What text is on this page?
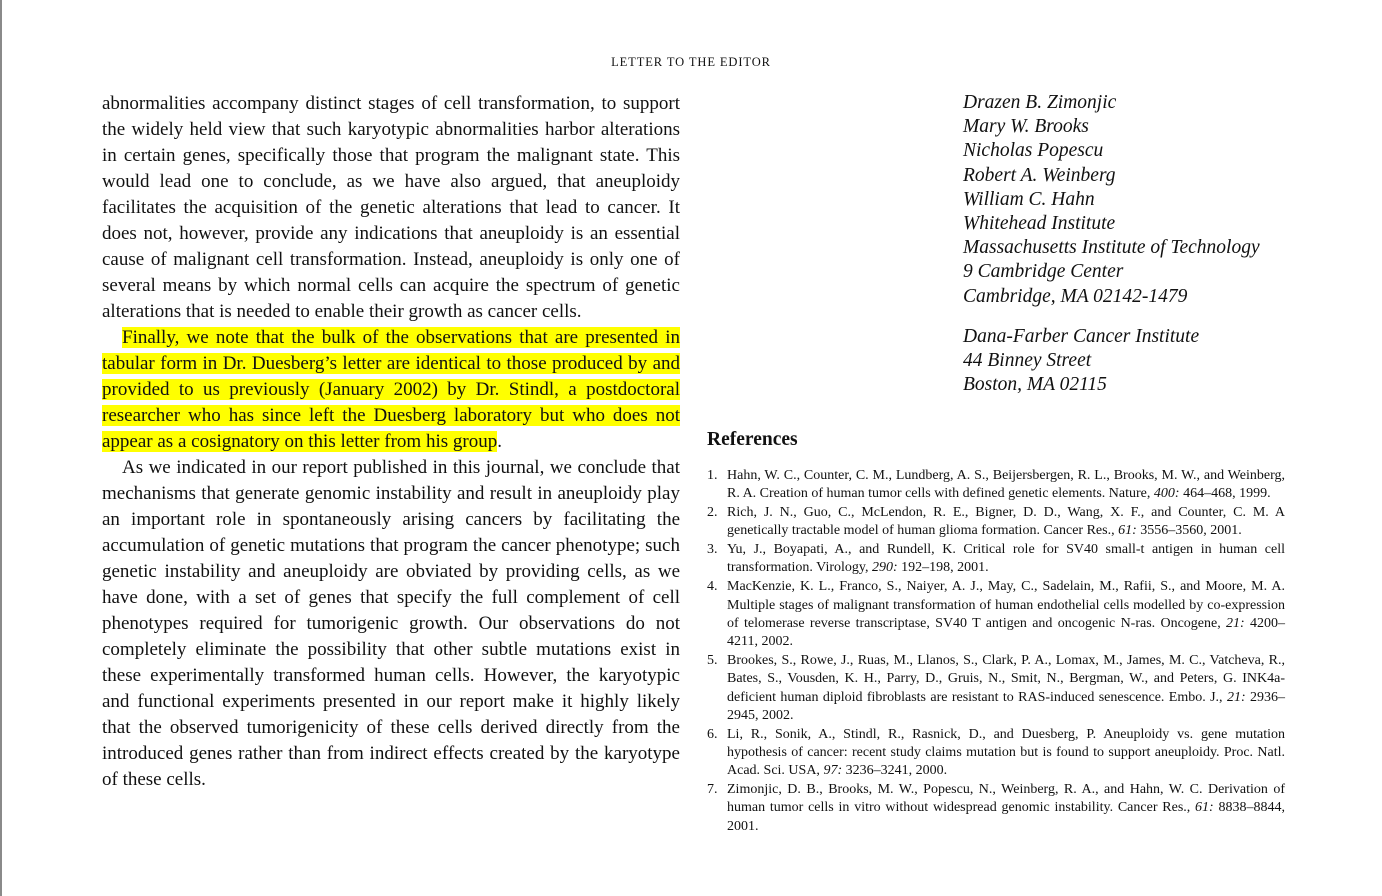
LETTER TO THE EDITOR

abnormalities accompany distinct stages of cell transformation, to support the widely held view that such karyotypic abnormalities harbor alterations in certain genes, specifically those that program the malignant state. This would lead one to conclude, as we have also argued, that aneuploidy facilitates the acquisition of the genetic alterations that lead to cancer. It does not, however, provide any indications that aneuploidy is an essential cause of malignant cell transformation. Instead, aneuploidy is only one of several means by which normal cells can acquire the spectrum of genetic alterations that is needed to enable their growth as cancer cells.

Finally, we note that the bulk of the observations that are presented in tabular form in Dr. Duesberg’s letter are identical to those produced by and provided to us previously (January 2002) by Dr. Stindl, a postdoctoral researcher who has since left the Duesberg laboratory but who does not appear as a cosignatory on this letter from his group.

As we indicated in our report published in this journal, we conclude that mechanisms that generate genomic instability and result in aneuploidy play an important role in spontaneously arising cancers by facilitating the accumulation of genetic mutations that program the cancer phenotype; such genetic instability and aneuploidy are obviated by providing cells, as we have done, with a set of genes that specify the full complement of cell phenotypes required for tumorigenic growth. Our observations do not completely eliminate the possibility that other subtle mutations exist in these experimentally transformed human cells. However, the karyotypic and functional experiments presented in our report make it highly likely that the observed tumorigenicity of these cells derived directly from the introduced genes rather than from indirect effects created by the karyotype of these cells.

Drazen B. Zimonjic
Mary W. Brooks
Nicholas Popescu
Robert A. Weinberg
William C. Hahn
Whitehead Institute
Massachusetts Institute of Technology
9 Cambridge Center
Cambridge, MA 02142-1479
Dana-Farber Cancer Institute
44 Binney Street
Boston, MA 02115
References
1. Hahn, W. C., Counter, C. M., Lundberg, A. S., Beijersbergen, R. L., Brooks, M. W., and Weinberg, R. A. Creation of human tumor cells with defined genetic elements. Nature, 400: 464–468, 1999.
2. Rich, J. N., Guo, C., McLendon, R. E., Bigner, D. D., Wang, X. F., and Counter, C. M. A genetically tractable model of human glioma formation. Cancer Res., 61: 3556–3560, 2001.
3. Yu, J., Boyapati, A., and Rundell, K. Critical role for SV40 small-t antigen in human cell transformation. Virology, 290: 192–198, 2001.
4. MacKenzie, K. L., Franco, S., Naiyer, A. J., May, C., Sadelain, M., Rafii, S., and Moore, M. A. Multiple stages of malignant transformation of human endothelial cells modelled by co-expression of telomerase reverse transcriptase, SV40 T antigen and oncogenic N-ras. Oncogene, 21: 4200–4211, 2002.
5. Brookes, S., Rowe, J., Ruas, M., Llanos, S., Clark, P. A., Lomax, M., James, M. C., Vatcheva, R., Bates, S., Vousden, K. H., Parry, D., Gruis, N., Smit, N., Bergman, W., and Peters, G. INK4a-deficient human diploid fibroblasts are resistant to RAS-induced senescence. Embo. J., 21: 2936–2945, 2002.
6. Li, R., Sonik, A., Stindl, R., Rasnick, D., and Duesberg, P. Aneuploidy vs. gene mutation hypothesis of cancer: recent study claims mutation but is found to support aneuploidy. Proc. Natl. Acad. Sci. USA, 97: 3236–3241, 2000.
7. Zimonjic, D. B., Brooks, M. W., Popescu, N., Weinberg, R. A., and Hahn, W. C. Derivation of human tumor cells in vitro without widespread genomic instability. Cancer Res., 61: 8838–8844, 2001.
